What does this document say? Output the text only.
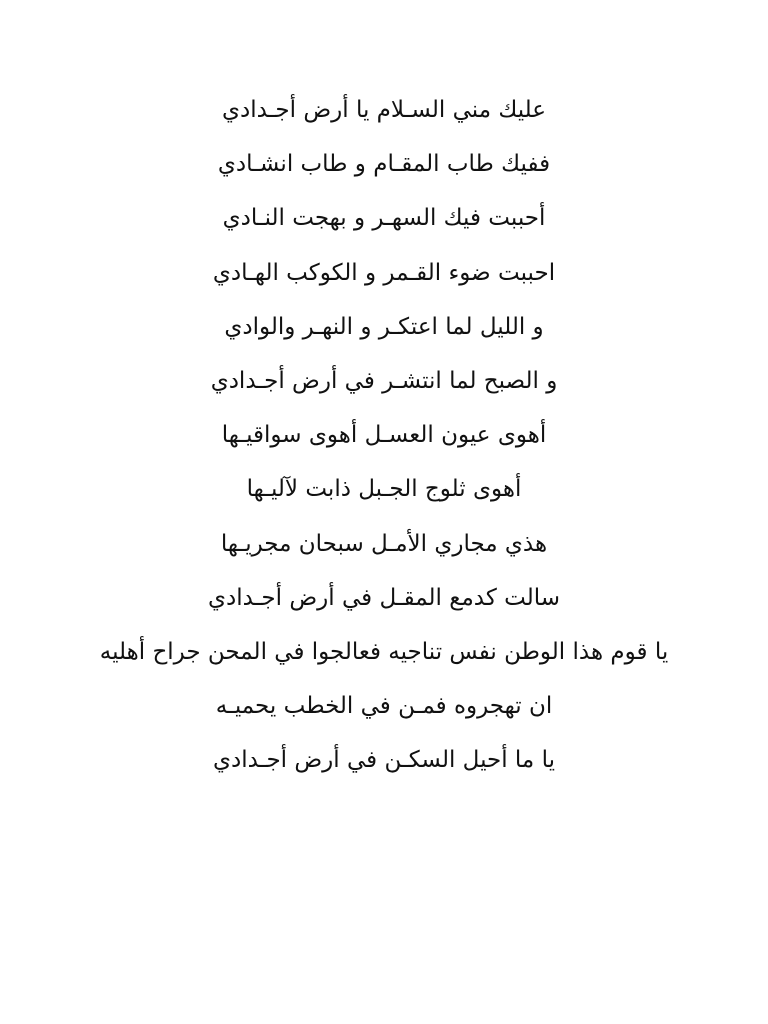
عليك مني السـلام يا أرض أجـدادي
ففيك طاب المقـام و طاب انشـادي
أحببت فيك السهـر و بهجت النـادي
احببت ضوء القـمر و الكوكب الهـادي
و الليل لما اعتكـر و النهـر والوادي
و الصبح لما انتشـر في أرض أجـدادي
أهوى عيون العسـل أهوى سواقيـها
أهوى ثلوج الجـبل ذابت لآليـها
هذي مجاري الأمـل سبحان مجريـها
سالت كدمع المقـل في أرض أجـدادي
يا قوم هذا الوطن نفس تناجيه فعالجوا في المحن جراح أهليه
ان تهجروه فمـن في الخطب يحميـه
يا ما أحيل السكـن في أرض أجـدادي
